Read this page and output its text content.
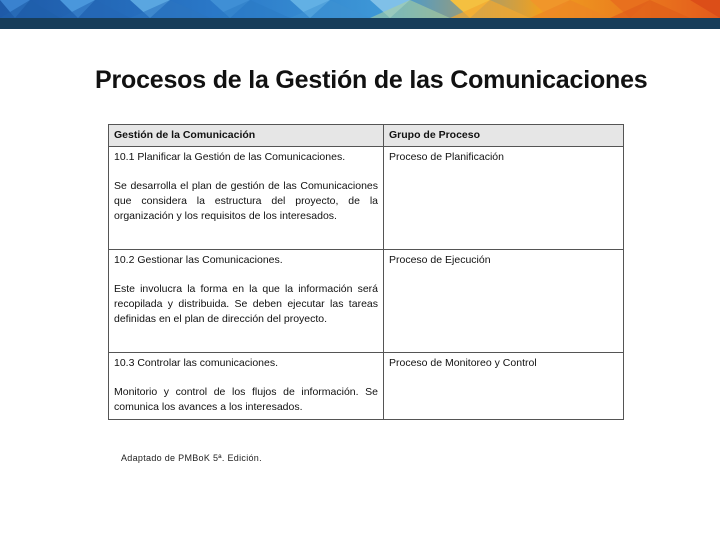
Procesos de la Gestión de las Comunicaciones
Gestión de la Comunicación	Grupo de Proceso

10.1 Planificar la Gestión de las Comunicaciones.
Se desarrolla el plan de gestión de las Comunicaciones que considera la estructura del proyecto, de la organización y los requisitos de los interesados.	Proceso de Planificación

10.2 Gestionar las Comunicaciones.
Este involucra la forma en la que la información será recopilada y distribuida. Se deben ejecutar las tareas definidas en el plan de dirección del proyecto.	Proceso de Ejecución

10.3 Controlar las comunicaciones.
Monitorio y control de los flujos de información. Se comunica los avances a los interesados.	Proceso de Monitoreo y Control
Adaptado de PMBoK 5ª. Edición.
